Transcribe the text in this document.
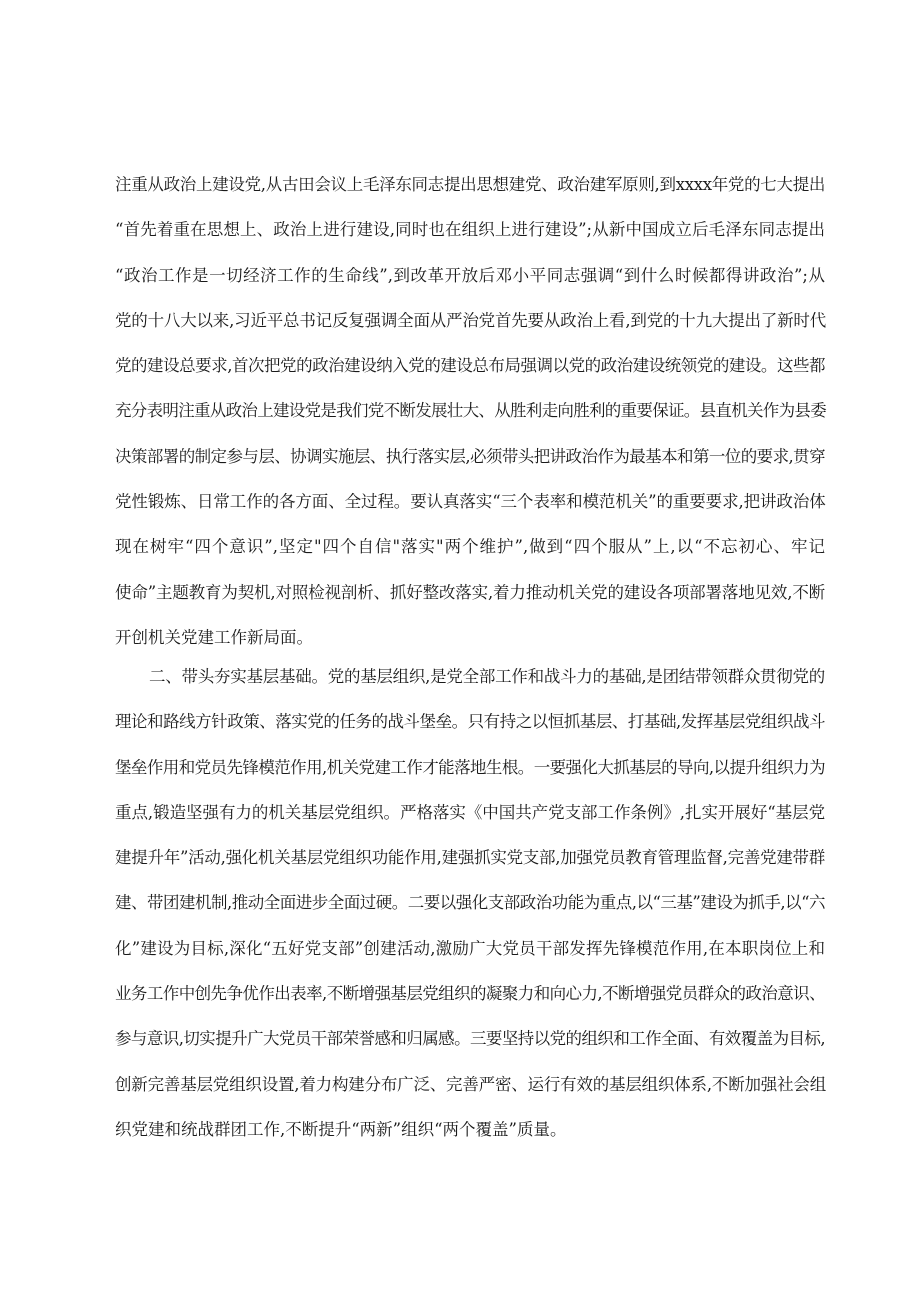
注重从政治上建设党,从古田会议上毛泽东同志提出思想建党、政治建军原则,到xxxx年党的七大提出
“首先着重在思想上、政治上进行建设,同时也在组织上进行建设”;从新中国成立后毛泽东同志提出
“政治工作是一切经济工作的生命线”,到改革开放后邓小平同志强调“到什么时候都得讲政治”;从
党的十八大以来,习近平总书记反复强调全面从严治党首先要从政治上看,到党的十九大提出了新时代
党的建设总要求,首次把党的政治建设纳入党的建设总布局强调以党的政治建设统领党的建设。这些都
充分表明注重从政治上建设党是我们党不断发展壮大、从胜利走向胜利的重要保证。县直机关作为县委
决策部署的制定参与层、协调实施层、执行落实层,必须带头把讲政治作为最基本和第一位的要求,贯穿
党性锻炼、日常工作的各方面、全过程。要认真落实“三个表率和模范机关”的重要要求,把讲政治体
现在树牢“四个意识”,坚定"四个自信"落实"两个维护”,做到“四个服从”上,以“不忘初心、牢记
使命”主题教育为契机,对照检视剖析、抓好整改落实,着力推动机关党的建设各项部署落地见效,不断
开创机关党建工作新局面。
二、带头夯实基层基础。党的基层组织,是党全部工作和战斗力的基础,是团结带领群众贯彻党的
理论和路线方针政策、落实党的任务的战斗堡垒。只有持之以恒抓基层、打基础,发挥基层党组织战斗
堡垒作用和党员先锋模范作用,机关党建工作才能落地生根。一要强化大抓基层的导向,以提升组织力为
重点,锻造坚强有力的机关基层党组织。严格落实《中国共产党支部工作条例》,扎实开展好“基层党
建提升年”活动,强化机关基层党组织功能作用,建强抓实党支部,加强党员教育管理监督,完善党建带群
建、带团建机制,推动全面进步全面过硬。二要以强化支部政治功能为重点,以“三基”建设为抓手,以“六
化”建设为目标,深化“五好党支部”创建活动,激励广大党员干部发挥先锋模范作用,在本职岗位上和
业务工作中创先争优作出表率,不断增强基层党组织的凝聚力和向心力,不断增强党员群众的政治意识、
参与意识,切实提升广大党员干部荣誉感和归属感。三要坚持以党的组织和工作全面、有效覆盖为目标,
创新完善基层党组织设置,着力构建分布广泛、完善严密、运行有效的基层组织体系,不断加强社会组
织党建和统战群团工作,不断提升“两新”组织“两个覆盖”质量。
